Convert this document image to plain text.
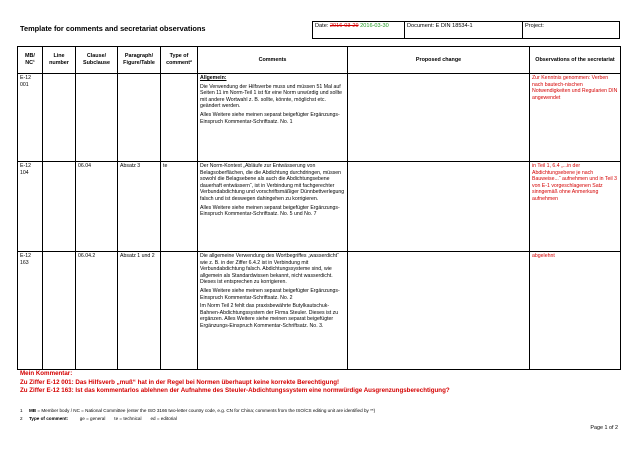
Template for comments and secretariat observations	Date: 2016-03-29 2016-03-30	Document: E DIN 18534-1	Project:
MB/ NC¹	Line number	Clause/ Subclause	Paragraph/ Figure/Table	Type of comment²	Comments	Proposed change	Observations of the secretariat
E-12 001					Allgemein:
Die Verwendung der Hilfsverbe muss und müssen 51 Mal auf Seiten 11 im Norm-Teil 1 ist für eine Norm unwürdig und sollte mit andere Wortwahl z. B. sollte, könnte, möglichst etc. geändert werden.
Alles Weitere siehe meinen separat beigefügter Ergänzungs-Einspruch Kommentar-Schriftsatz. No. 1		Zur Kenntnis genommen: Verben nach bautech-nischen Notwendigkeiten und Regularien DIN angewendet
E-12 104		06.04	Absatz 3	te	Der Norm-Kontext „Abläufe zur Entwässerung von Belagsoberflächen, die die Abdichtung durchdringen, müssen sowohl die Belagsebene als auch die Abdichtungsebene dauerhaft entwässern“, ist in Verbindung mit fachgerechter Verbundabdichtung und vorschriftsmäßiger Dünnbettverlegung falsch und ist deswegen dahingehen zu korrigieren.
Alles Weitere siehe meinen separat beigefügter Ergänzungs-Einspruch Kommentar-Schriftsatz. No. 5 und No. 7		in Teil 1, 6.4 „...in der Abdichtungsebene je nach Bauweise...“ aufnehmen und in Teil 3 von E-1 vorgeschlagenen Satz sinngemäß ohne Anmerkung aufnehmen
E-12 163		06.04.2	Absatz 1 und 2		Die allgemeine Verwendung des Wortbegriffes „wasserdicht“ wie z. B. in der Ziffer 6.4.2 ist in Verbindung mit Verbundabdichtung falsch. Abdichtungssysteme sind, wie allgemein als Standardwissen bekannt, nicht wasserdicht. Dieses ist entsprechen zu korrigieren.
Alles Weitere siehe meinen separat beigefügter Ergänzungs-Einspruch Kommentar-Schriftsatz. No. 2
Im Norm Teil 2 fehlt das praxisbewährte Butylkautschuk-Bahnen-Abdichtungssystem der Firma Steuler. Dieses ist zu ergänzen. Alles Weitere siehe meinen separat beigefügter Ergänzungs-Einspruch Kommentar-Schriftsatz. No. 3.		abgelehnt
Mein Kommentar:
Zu Ziffer E-12 001: Das Hilfsverb „muß“ hat in der Regel bei Normen überhaupt keine korrekte Berechtigung!
Zu Ziffer E-12 163: Ist das kommentarlos ablehnen der Aufnahme des Steuler-Abdichtungssystem eine normwürdige Ausgrenzungsberechtigung?
1 MB = Member body / NC = National Committee (enter the ISO 3166 two-letter country code, e.g. CN for China; comments from the ISO/CS editing unit are identified by **)
2 Type of comment:	ge = general te = technical ed = editorial
Page 1 of 2
